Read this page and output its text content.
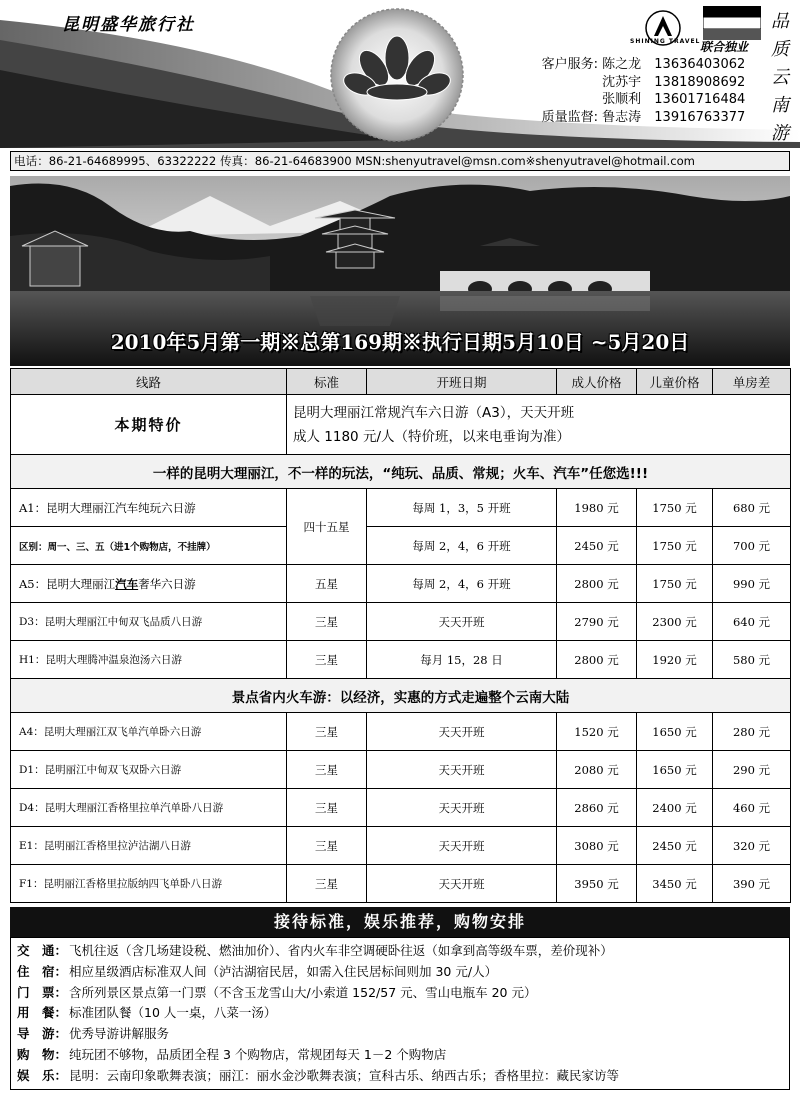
昆明盛华旅行社
SHINING TRAVEL 联合独业
品
质
云
南
游
客户服务: 陈之龙 13636403062
沈苏宇 13818908692
张顺利 13601716484
质量监督: 鲁志涛 13916763377
电话：86-21-64689995、63322222 传真：86-21-64683900 MSN:shenyutravel@msn.com※shenyutravel@hotmail.com
2010年5月第一期※总第169期※执行日期5月10日 ~5月20日
线路	标准	开班日期	成人价格	儿童价格	单房差
本期特价	昆明大理丽江常规汽车六日游（A3），天天开班
成人 1180 元/人（特价班，以来电垂询为准）				

一样的昆明大理丽江，不一样的玩法，“纯玩、品质、常规；火车、汽车”任您选!!!					
A1：昆明大理丽江汽车纯玩六日游	四十五星	每周 1，3，5 开班	1980 元	1750 元	680 元
区别：周一、三、五（进1个购物店，不挂牌）		每周 2，4，6 开班	2450 元	1750 元	700 元
A5：昆明大理丽江汽车奢华六日游	五星	每周 2，4，6 开班	2800 元	1750 元	990 元
D3：昆明大理丽江中甸双飞品质八日游	三星	天天开班	2790 元	2300 元	640 元
H1：昆明大理腾冲温泉泡汤六日游	三星	每月 15，28 日	2800 元	1920 元	580 元
景点省内火车游：以经济，实惠的方式走遍整个云南大陆					
A4：昆明大理丽江双飞单汽单卧六日游	三星	天天开班	1520 元	1650 元	280 元
D1：昆明丽江中甸双飞双卧六日游	三星	天天开班	2080 元	1650 元	290 元
D4：昆明大理丽江香格里拉单汽单卧八日游	三星	天天开班	2860 元	2400 元	460 元
E1：昆明丽江香格里拉泸沽湖八日游	三星	天天开班	3080 元	2450 元	320 元
F1：昆明丽江香格里拉版纳四飞单卧八日游	三星	天天开班	3950 元	3450 元	390 元
接待标准，娱乐推荐，购物安排
交　通： 飞机往返（含几场建设税、燃油加价）、省内火车非空调硬卧往返（如拿到高等级车票，差价现补）
住　宿： 相应星级酒店标准双人间（泸沽湖宿民居，如需入住民居标间则加 30 元/人）
门　票： 含所列景区景点第一门票（不含玉龙雪山大/小索道 152/57 元、雪山电瓶车 20 元）
用　餐： 标准团队餐（10 人一桌，八菜一汤）
导　游： 优秀导游讲解服务
购　物： 纯玩团不够物，品质团全程 3 个购物店，常规团每天 1－2 个购物店
娱　乐： 昆明：云南印象歌舞表演；丽江：丽水金沙歌舞表演；宣科古乐、纳西古乐；香格里拉：藏民家访等
